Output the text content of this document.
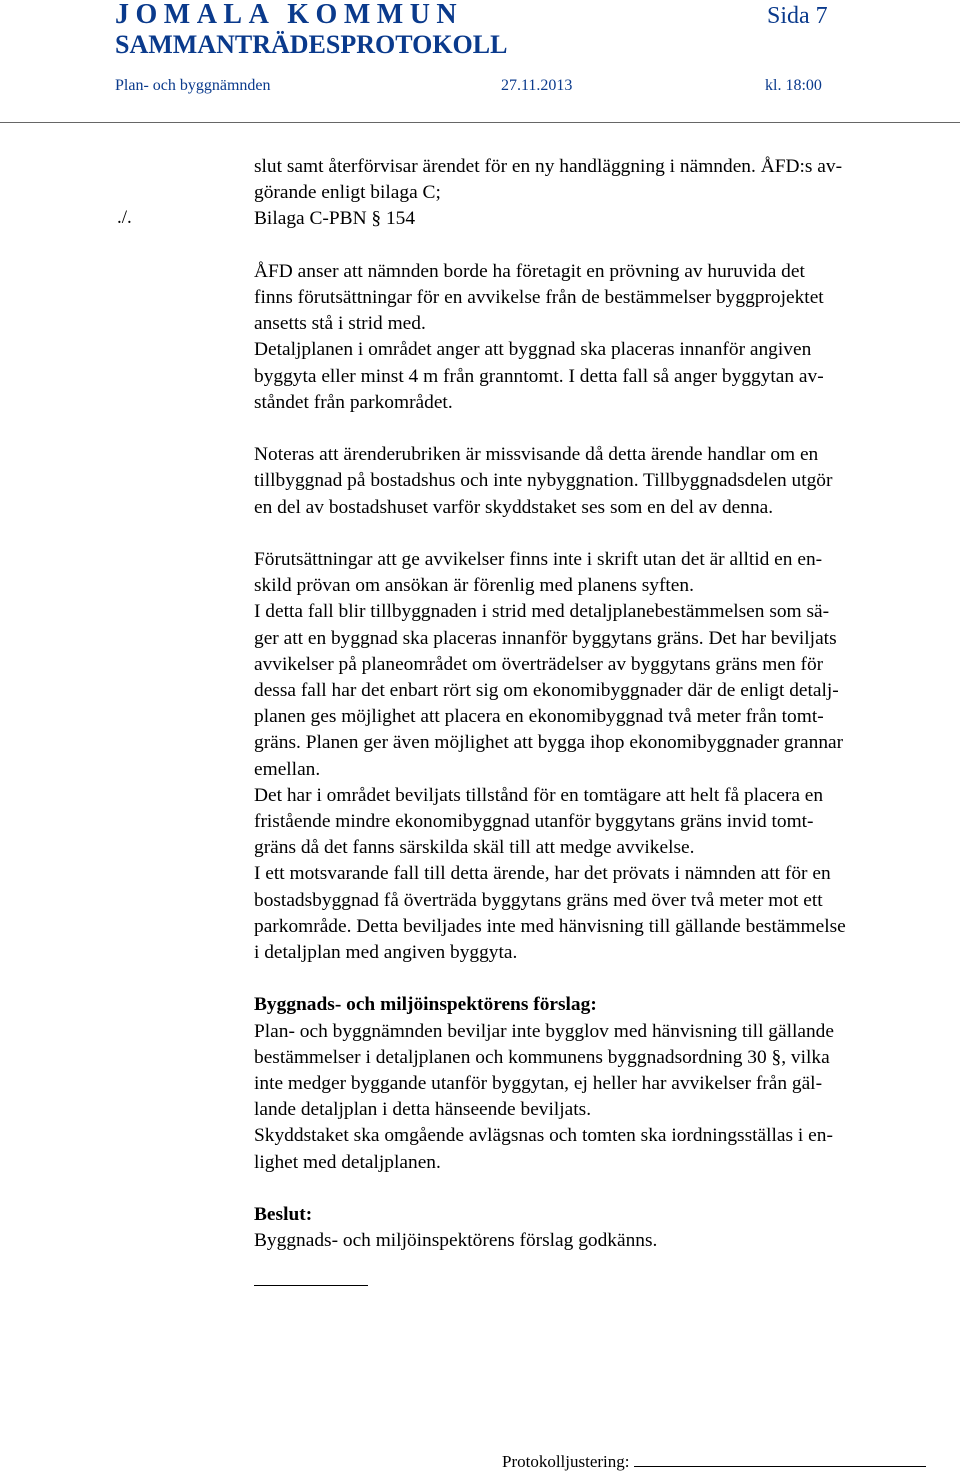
JOMALA KOMMUN	Sida 7
SAMMANTRÄDESPROTOKOLL
Plan- och byggnämnden	27.11.2013	kl. 18:00
./.

slut samt återförvisar ärendet för en ny handläggning i nämnden. ÅFD:s av-
görande enligt bilaga C;
Bilaga C-PBN § 154

ÅFD anser att nämnden borde ha företagit en prövning av huruvida det
finns förutsättningar för en avvikelse från de bestämmelser byggprojektet
ansetts stå i strid med.
Detaljplanen i området anger att byggnad ska placeras innanför angiven
byggyta eller minst 4 m från granntomt. I detta fall så anger byggytan av-
ståndet från parkområdet.

Noteras att ärenderubriken är missvisande då detta ärende handlar om en
tillbyggnad på bostadshus och inte nybyggnation. Tillbyggnadsdelen utgör
en del av bostadshuset varför skyddstaket ses som en del av denna.

Förutsättningar att ge avvikelser finns inte i skrift utan det är alltid en en-
skild prövan om ansökan är förenlig med planens syften.
I detta fall blir tillbyggnaden i strid med detaljplanebestämmelsen som sä-
ger att en byggnad ska placeras innanför byggytans gräns. Det har beviljats
avvikelser på planeområdet om överträdelser av byggytans gräns men för
dessa fall har det enbart rört sig om ekonomibyggnader där de enligt detalj-
planen ges möjlighet att placera en ekonomibyggnad två meter från tomt-
gräns. Planen ger även möjlighet att bygga ihop ekonomibyggnader grannar
emellan.
Det har i området beviljats tillstånd för en tomtägare att helt få placera en
fristående mindre ekonomibyggnad utanför byggytans gräns invid tomt-
gräns då det fanns särskilda skäl till att medge avvikelse.
I ett motsvarande fall till detta ärende, har det prövats i nämnden att för en
bostadsbyggnad få överträda byggytans gräns med över två meter mot ett
parkområde. Detta beviljades inte med hänvisning till gällande bestämmelse
i detaljplan med angiven byggyta.

Byggnads- och miljöinspektörens förslag:

Plan- och byggnämnden beviljar inte bygglov med hänvisning till gällande
bestämmelser i detaljplanen och kommunens byggnadsordning 30 §, vilka
inte medger byggande utanför byggytan, ej heller har avvikelser från gäl-
lande detaljplan i detta hänseende beviljats.
Skyddstaket ska omgående avlägsnas och tomten ska iordningsställas i en-
lighet med detaljplanen.

Beslut:

Byggnads- och miljöinspektörens förslag godkänns.

Protokolljustering:
